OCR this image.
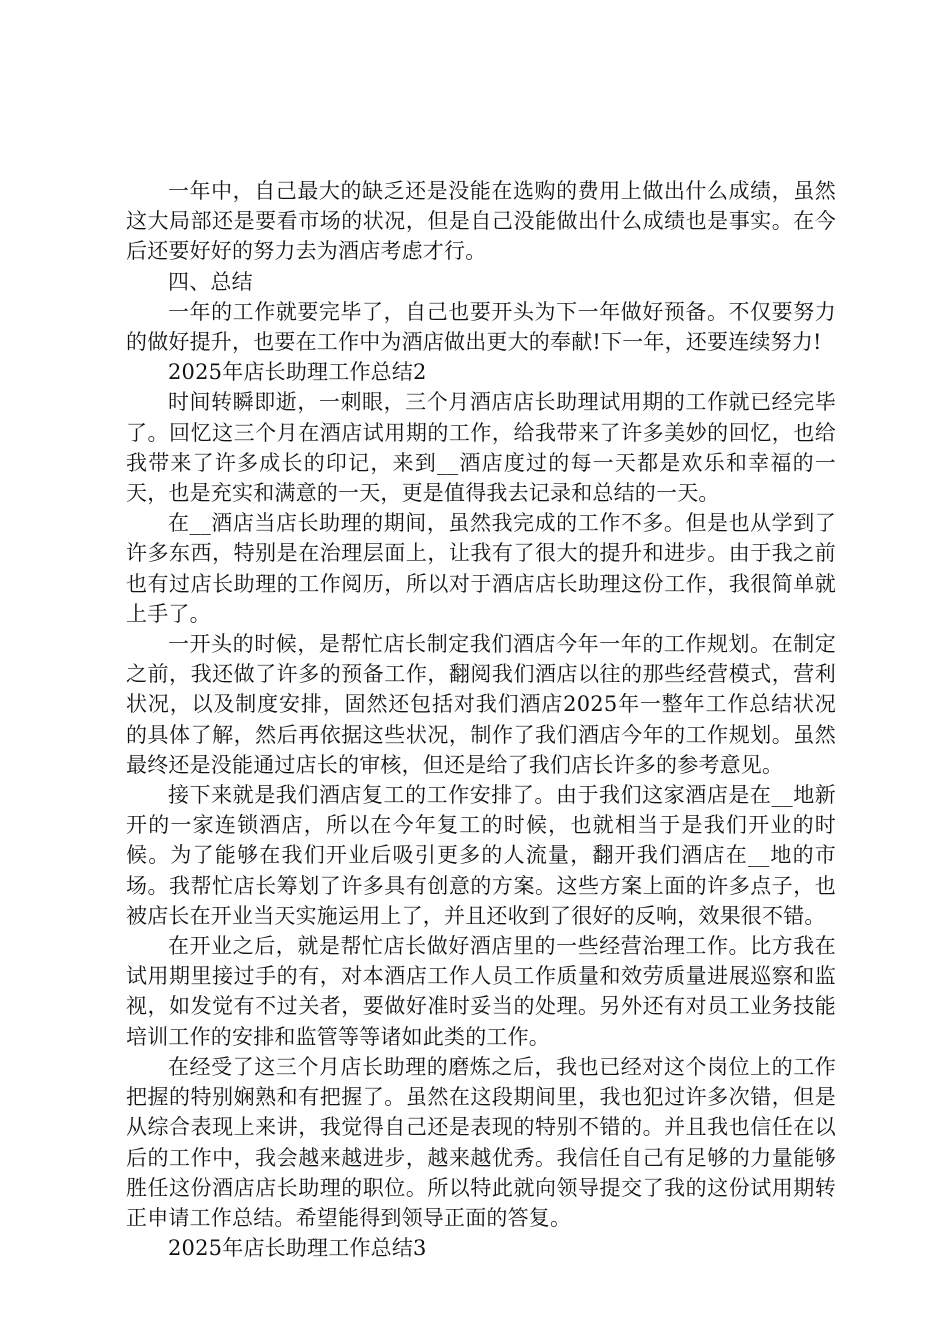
一年中，自己最大的缺乏还是没能在选购的费用上做出什么成绩，虽然这大局部还是要看市场的状况，但是自己没能做出什么成绩也是事实。在今后还要好好的努力去为酒店考虑才行。

四、总结

一年的工作就要完毕了，自己也要开头为下一年做好预备。不仅要努力的做好提升，也要在工作中为酒店做出更大的奉献!下一年，还要连续努力!

2025年店长助理工作总结2

时间转瞬即逝，一刺眼，三个月酒店店长助理试用期的工作就已经完毕了。回忆这三个月在酒店试用期的工作，给我带来了许多美妙的回忆，也给我带来了许多成长的印记，来到__酒店度过的每一天都是欢乐和幸福的一天，也是充实和满意的一天，更是值得我去记录和总结的一天。

在__酒店当店长助理的期间，虽然我完成的工作不多。但是也从学到了许多东西，特别是在治理层面上，让我有了很大的提升和进步。由于我之前也有过店长助理的工作阅历，所以对于酒店店长助理这份工作，我很简单就上手了。

一开头的时候，是帮忙店长制定我们酒店今年一年的工作规划。在制定之前，我还做了许多的预备工作，翻阅我们酒店以往的那些经营模式，营利状况，以及制度安排，固然还包括对我们酒店2025年一整年工作总结状况的具体了解，然后再依据这些状况，制作了我们酒店今年的工作规划。虽然最终还是没能通过店长的审核，但还是给了我们店长许多的参考意见。

接下来就是我们酒店复工的工作安排了。由于我们这家酒店是在__地新开的一家连锁酒店，所以在今年复工的时候，也就相当于是我们开业的时候。为了能够在我们开业后吸引更多的人流量，翻开我们酒店在__地的市场。我帮忙店长筹划了许多具有创意的方案。这些方案上面的许多点子，也被店长在开业当天实施运用上了，并且还收到了很好的反响，效果很不错。

在开业之后，就是帮忙店长做好酒店里的一些经营治理工作。比方我在试用期里接过手的有，对本酒店工作人员工作质量和效劳质量进展巡察和监视，如发觉有不过关者，要做好准时妥当的处理。另外还有对员工业务技能培训工作的安排和监管等等诸如此类的工作。

在经受了这三个月店长助理的磨炼之后，我也已经对这个岗位上的工作把握的特别娴熟和有把握了。虽然在这段期间里，我也犯过许多次错，但是从综合表现上来讲，我觉得自己还是表现的特别不错的。并且我也信任在以后的工作中，我会越来越进步，越来越优秀。我信任自己有足够的力量能够胜任这份酒店店长助理的职位。所以特此就向领导提交了我的这份试用期转正申请工作总结。希望能得到领导正面的答复。

2025年店长助理工作总结3
